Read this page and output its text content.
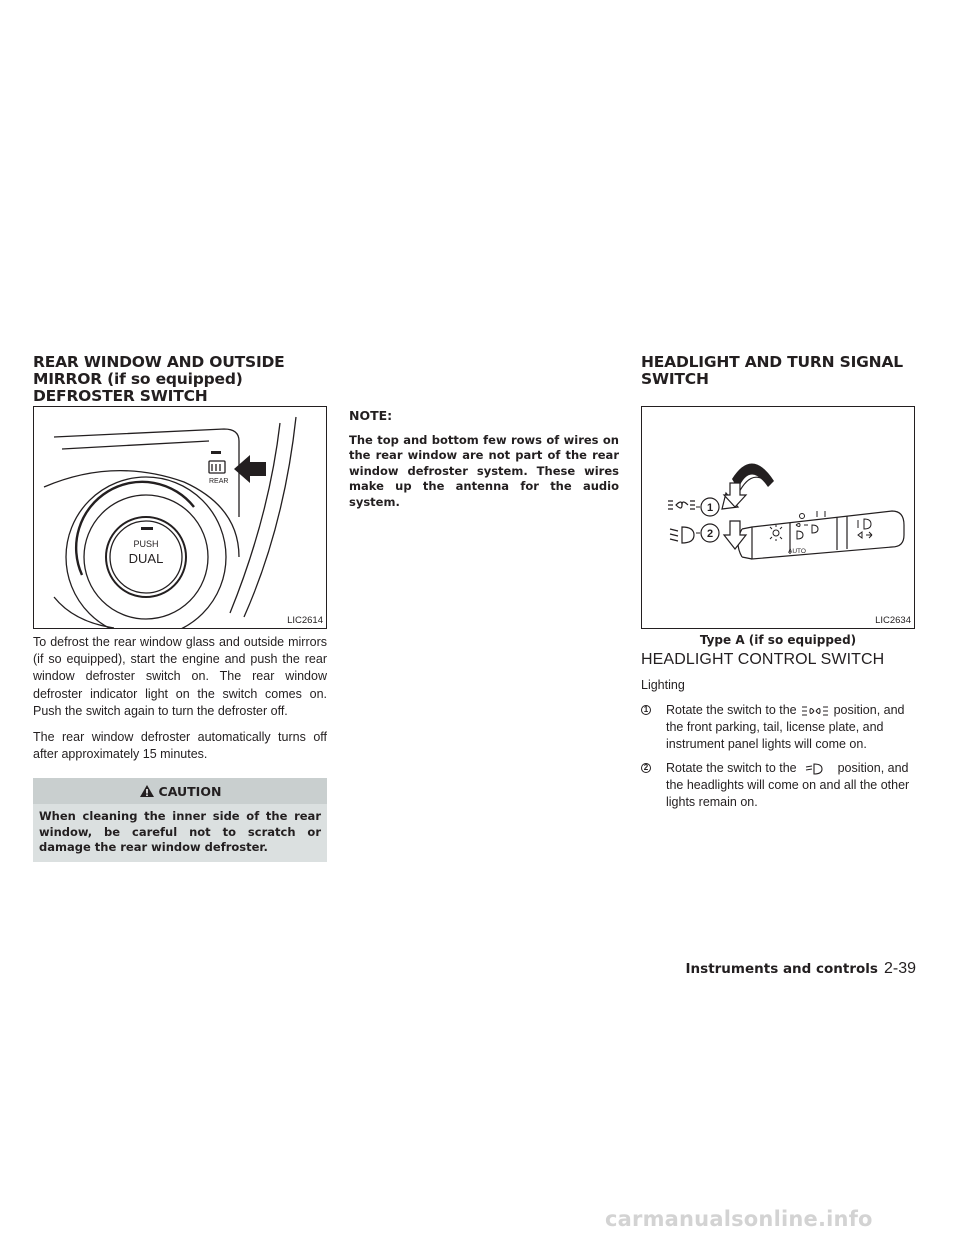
REAR WINDOW AND OUTSIDE

MIRROR (if so equipped)

DEFROSTER SWITCH

REAR
PUSH
DUAL
LIC2614

To defrost the rear window glass and outside mirrors (if so equipped), start the engine and push the rear window defroster switch on. The rear window defroster indicator light on the switch comes on. Push the switch again to turn the defroster off.

The rear window defroster automatically turns off after approximately 15 minutes.

CAUTION

When cleaning the inner side of the rear window, be careful not to scratch or damage the rear window defroster.

NOTE:

The top and bottom few rows of wires on the rear window are not part of the rear window defroster system. These wires make up the antenna for the audio system.

HEADLIGHT AND TURN SIGNAL

SWITCH

1
2
AUTO
LIC2634
Type A (if so equipped)

HEADLIGHT CONTROL SWITCH

Lighting

1 Rotate the switch to the	position, and the front parking, tail, license plate, and instrument panel lights will come on.
2 Rotate the switch to the	position, and the headlights will come on and all the other lights remain on.
Instruments and controls 2-39
carmanualsonline.info
